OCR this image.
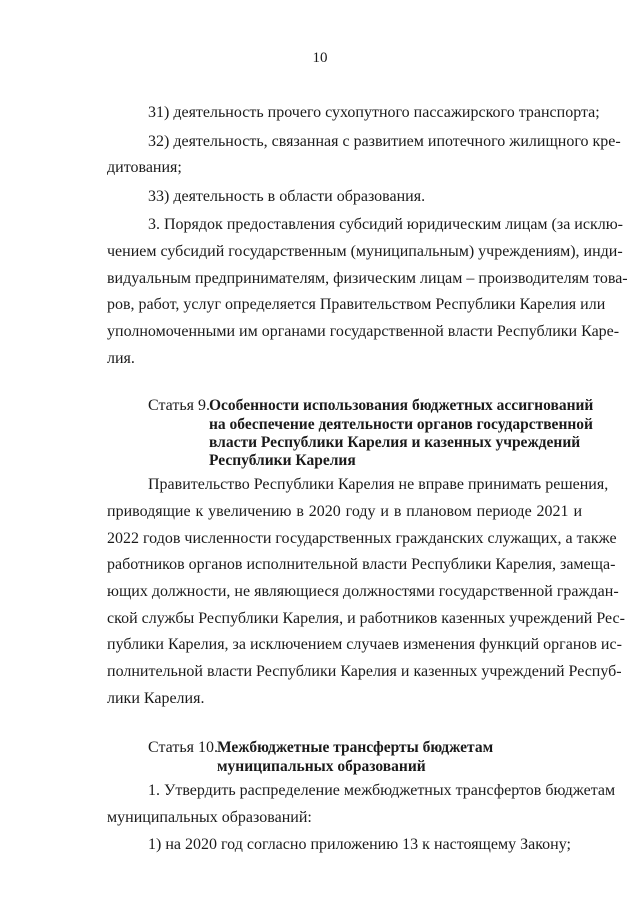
10
31) деятельность прочего сухопутного пассажирского транспорта;
32) деятельность, связанная с развитием ипотечного жилищного кре-
дитования;
33) деятельность в области образования.
3. Порядок предоставления субсидий юридическим лицам (за исклю-
чением субсидий государственным (муниципальным) учреждениям), инди-
видуальным предпринимателям, физическим лицам – производителям това-
ров, работ, услуг определяется Правительством Республики Карелия или
уполномоченными им органами государственной власти Республики Каре-
лия.
Статья 9. Особенности использования бюджетных ассигнований
на обеспечение деятельности органов государственной
власти Республики Карелия и казенных учреждений
Республики Карелия
Правительство Республики Карелия не вправе принимать решения,
приводящие к увеличению в 2020 году и в плановом периоде 2021 и
2022 годов численности государственных гражданских служащих, а также
работников органов исполнительной власти Республики Карелия, замеща-
ющих должности, не являющиеся должностями государственной граждан-
ской службы Республики Карелия, и работников казенных учреждений Рес-
публики Карелия, за исключением случаев изменения функций органов ис-
полнительной власти Республики Карелия и казенных учреждений Респуб-
лики Карелия.
Статья 10. Межбюджетные трансферты бюджетам
муниципальных образований
1. Утвердить распределение межбюджетных трансфертов бюджетам
муниципальных образований:
1) на 2020 год согласно приложению 13 к настоящему Закону;
